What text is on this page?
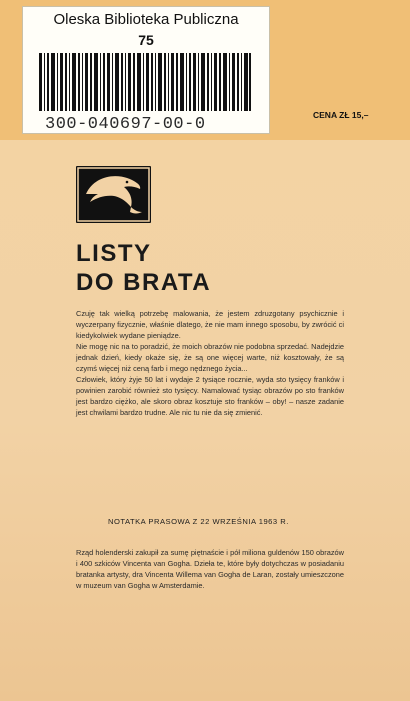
Oleska Biblioteka Publiczna
75
300-040697-00-0	CENA ZŁ 15,–
LISTY
DO BRATA

Czuję tak wielką potrzebę malowania, że jestem zdruzgotany psychicznie i wyczerpany fizycznie, właśnie dlatego, że nie mam innego sposobu, by zwrócić ci kiedykolwiek wydane pieniądze.

Nie mogę nic na to poradzić, że moich obrazów nie podobna sprzedać. Nadejdzie jednak dzień, kiedy okaże się, że są one więcej warte, niż kosztowały, że są czymś więcej niż ceną farb i mego nędznego życia...

Człowiek, który żyje 50 lat i wydaje 2 tysiące rocznie, wyda sto tysięcy franków i powinien zarobić również sto tysięcy. Namalować tysiąc obrazów po sto franków jest bardzo ciężko, ale skoro obraz kosztuje sto franków – oby! – nasze zadanie jest chwilami bardzo trudne. Ale nic tu nie da się zmienić.

NOTATKA PRASOWA Z 22 WRZEŚNIA 1963 R.
Rząd holenderski zakupił za sumę piętnaście i pół miliona guldenów 150 obrazów i 400 szkiców Vincenta van Gogha. Dzieła te, które były dotychczas w posiadaniu bratanka artysty, dra Vincenta Willema van Gogha de Laran, zostały umieszczone w muzeum van Gogha w Amsterdamie.
